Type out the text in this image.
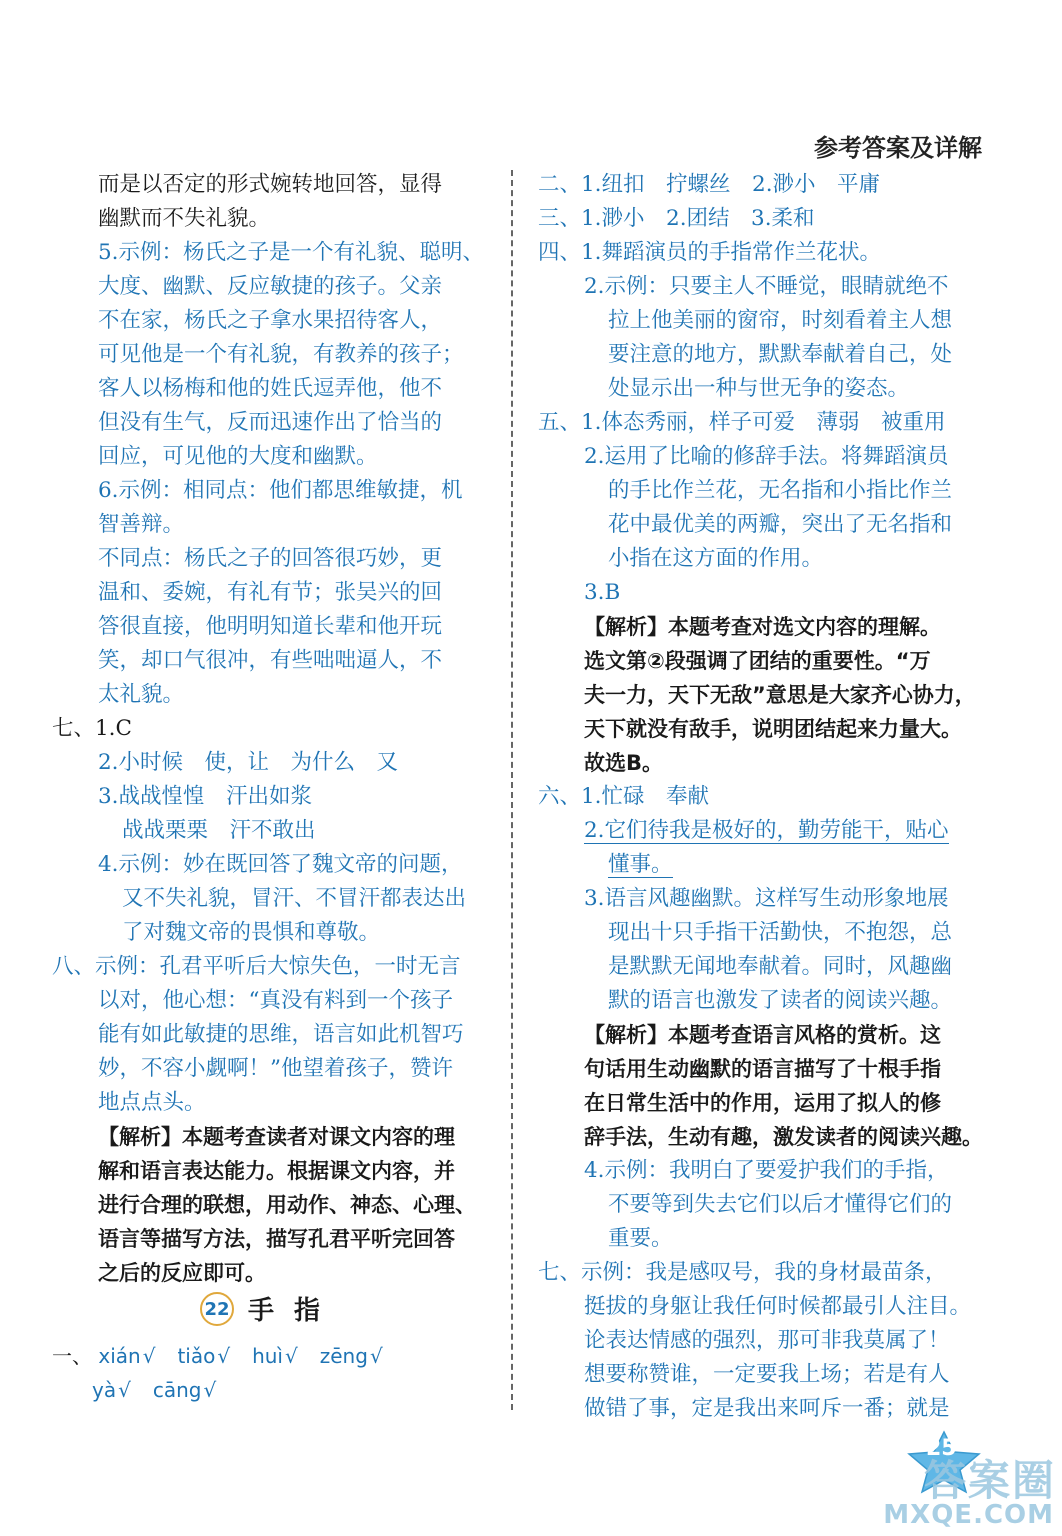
参考答案及详解
而是以否定的形式婉转地回答，显得
幽默而不失礼貌。
5.示例：杨氏之子是一个有礼貌、聪明、
大度、幽默、反应敏捷的孩子。父亲
不在家，杨氏之子拿水果招待客人，
可见他是一个有礼貌，有教养的孩子；
客人以杨梅和他的姓氏逗弄他，他不
但没有生气，反而迅速作出了恰当的
回应，可见他的大度和幽默。
6.示例：相同点：他们都思维敏捷，机
智善辩。
不同点：杨氏之子的回答很巧妙，更
温和、委婉，有礼有节；张吴兴的回
答很直接，他明明知道长辈和他开玩
笑，却口气很冲，有些咄咄逼人，不
太礼貌。
七、1.C
2.小时候　使，让　为什么　又
3.战战惶惶　汗出如浆
战战栗栗　汗不敢出
4.示例：妙在既回答了魏文帝的问题，
又不失礼貌，冒汗、不冒汗都表达出
了对魏文帝的畏惧和尊敬。
八、示例：孔君平听后大惊失色，一时无言
以对，他心想：“真没有料到一个孩子
能有如此敏捷的思维，语言如此机智巧
妙，不容小觑啊！”他望着孩子，赞许
地点点头。
【解析】本题考查读者对课文内容的理
解和语言表达能力。根据课文内容，并
进行合理的联想，用动作、神态、心理、
语言等描写方法，描写孔君平听完回答
之后的反应即可。
22 手指
一、 xián √ tiǎo √ huì √ zēng √
yà √ cāng √
二、1.纽扣　拧螺丝　2.渺小　平庸
三、1.渺小　2.团结　3.柔和
四、1.舞蹈演员的手指常作兰花状。
2.示例：只要主人不睡觉，眼睛就绝不
拉上他美丽的窗帘，时刻看着主人想
要注意的地方，默默奉献着自己，处
处显示出一种与世无争的姿态。
五、1.体态秀丽，样子可爱　薄弱　被重用
2.运用了比喻的修辞手法。将舞蹈演员
的手比作兰花，无名指和小指比作兰
花中最优美的两瓣，突出了无名指和
小指在这方面的作用。
3.B
【解析】本题考查对选文内容的理解。
选文第②段强调了团结的重要性。“万
夫一力，天下无敌”意思是大家齐心协力，
天下就没有敌手，说明团结起来力量大。
故选B。
六、1.忙碌　奉献
2.它们待我是极好的，勤劳能干，贴心
懂事。
3.语言风趣幽默。这样写生动形象地展
现出十只手指干活勤快，不抱怨，总
是默默无闻地奉献着。同时，风趣幽
默的语言也激发了读者的阅读兴趣。
【解析】本题考查语言风格的赏析。这
句话用生动幽默的语言描写了十根手指
在日常生活中的作用，运用了拟人的修
辞手法，生动有趣，激发读者的阅读兴趣。
4.示例：我明白了要爱护我们的手指，
不要等到失去它们以后才懂得它们的
重要。
七、示例：我是感叹号，我的身材最苗条，
挺拔的身躯让我任何时候都最引人注目。
论表达情感的强烈，那可非我莫属了！
想要称赞谁，一定要我上场；若是有人
做错了事，定是我出来呵斥一番；就是
25
答案圈
MXQE.COM
